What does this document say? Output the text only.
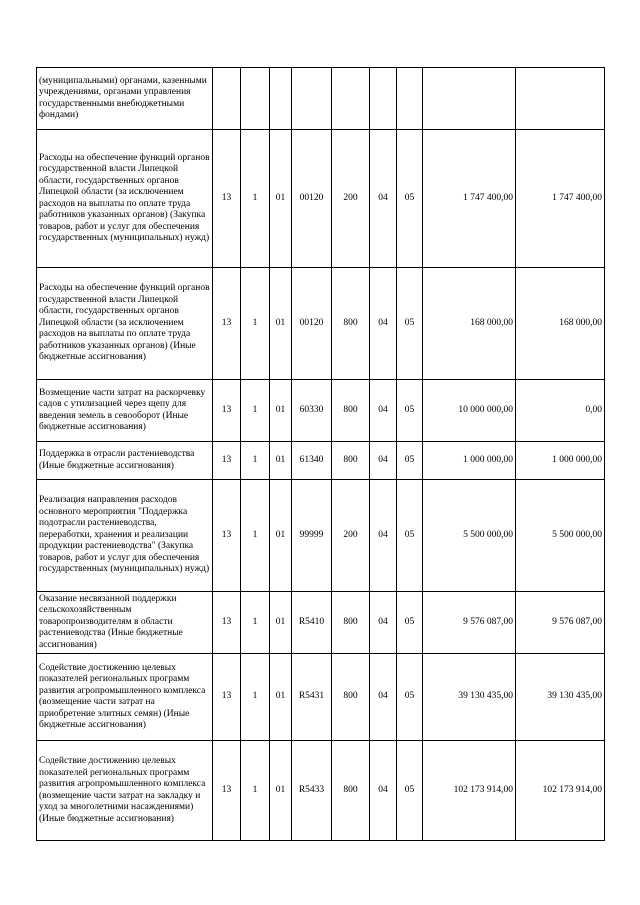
(муниципальными) органами, казенными учреждениями, органами управления государственными внебюджетными фондами)									
Расходы на обеспечение функций органов государственной власти Липецкой области, государственных органов Липецкой области (за исключением расходов на выплаты по оплате труда работников указанных органов) (Закупка товаров, работ и услуг для обеспечения государственных (муниципальных) нужд)	13	1	01	00120	200	04	05	1 747 400,00	1 747 400,00
Расходы на обеспечение функций органов государственной власти Липецкой области, государственных органов Липецкой области (за исключением расходов на выплаты по оплате труда работников указанных органов) (Иные бюджетные ассигнования)	13	1	01	00120	800	04	05	168 000,00	168 000,00
Возмещение части затрат на раскорчевку садов с утилизацией через щепу для введения земель в севооборот (Иные бюджетные ассигнования)	13	1	01	60330	800	04	05	10 000 000,00	0,00
Поддержка в отрасли растениеводства (Иные бюджетные ассигнования)	13	1	01	61340	800	04	05	1 000 000,00	1 000 000,00
Реализация направления расходов основного мероприятия "Поддержка подотрасли растениеводства, переработки, хранения и реализации продукции растениеводства" (Закупка товаров, работ и услуг для обеспечения государственных (муниципальных) нужд)	13	1	01	99999	200	04	05	5 500 000,00	5 500 000,00
Оказание несвязанной поддержки сельскохозяйственным товаропроизводителям в области растениеводства (Иные бюджетные ассигнования)	13	1	01	R5410	800	04	05	9 576 087,00	9 576 087,00
Содействие достижению целевых показателей региональных программ развития агропромышленного комплекса (возмещение части затрат на приобретение элитных семян) (Иные бюджетные ассигнования)	13	1	01	R5431	800	04	05	39 130 435,00	39 130 435,00
Содействие достижению целевых показателей региональных программ развития агропромышленного комплекса (возмещение части затрат на закладку и уход за многолетними насаждениями) (Иные бюджетные ассигнования)	13	1	01	R5433	800	04	05	102 173 914,00	102 173 914,00
